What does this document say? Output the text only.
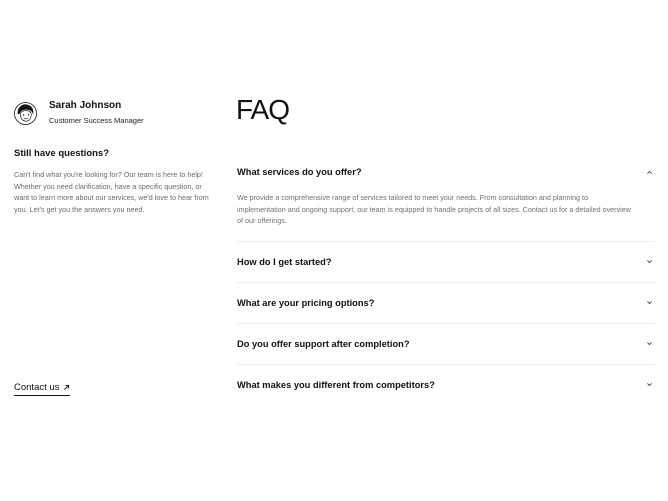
Sarah Johnson
Customer Success Manager
Still have questions?
Can't find what you're looking for? Our team is here to help! Whether you need clarification, have a specific question, or want to learn more about our services, we'd love to hear from you. Let's get you the answers you need.
Contact us
FAQ
What services do you offer?
We provide a comprehensive range of services tailored to meet your needs. From consultation and planning to implementation and ongoing support, our team is equipped to handle projects of all sizes. Contact us for a detailed overview of our offerings.
How do I get started?
What are your pricing options?
Do you offer support after completion?
What makes you different from competitors?
